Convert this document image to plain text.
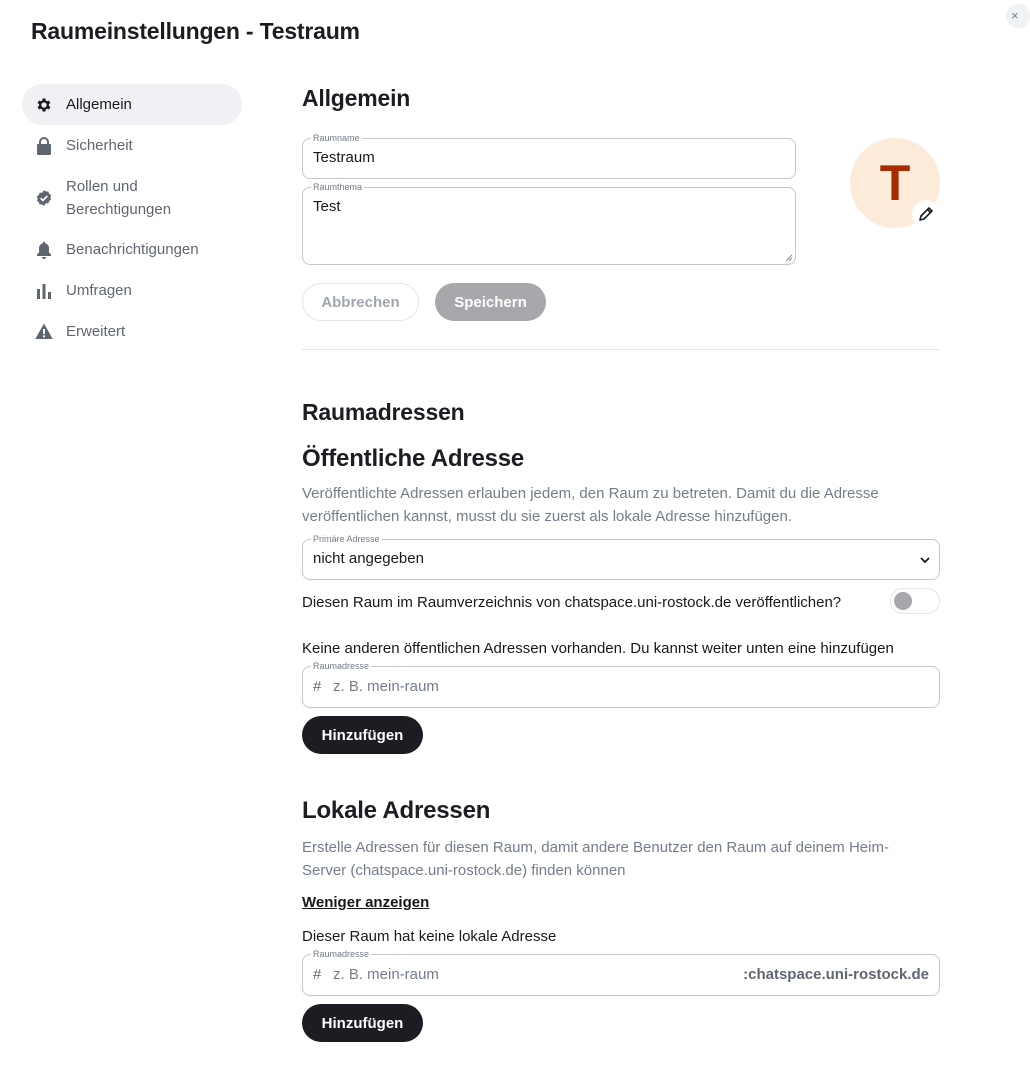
Raumeinstellungen - Testraum
×
Allgemein
Sicherheit
Rollen und
Berechtigungen
Benachrichtigungen
Umfragen
Erweitert
Allgemein
Raumname
Testraum
Raumthema
Test	T
Abbrechen	Speichern
Raumadressen
Öffentliche Adresse
Veröffentlichte Adressen erlauben jedem, den Raum zu betreten. Damit du die Adresse veröffentlichen kannst, musst du sie zuerst als lokale Adresse hinzufügen.
Primäre Adresse
nicht angegeben
Diesen Raum im Raumverzeichnis von chatspace.uni-rostock.de veröffentlichen?
Keine anderen öffentlichen Adressen vorhanden. Du kannst weiter unten eine hinzufügen
Raumadresse
# z. B. mein-raum
Hinzufügen
Lokale Adressen
Erstelle Adressen für diesen Raum, damit andere Benutzer den Raum auf deinem Heim-Server (chatspace.uni-rostock.de) finden können
Weniger anzeigen
Dieser Raum hat keine lokale Adresse
Raumadresse
# z. B. mein-raum	:chatspace.uni-rostock.de
Hinzufügen
